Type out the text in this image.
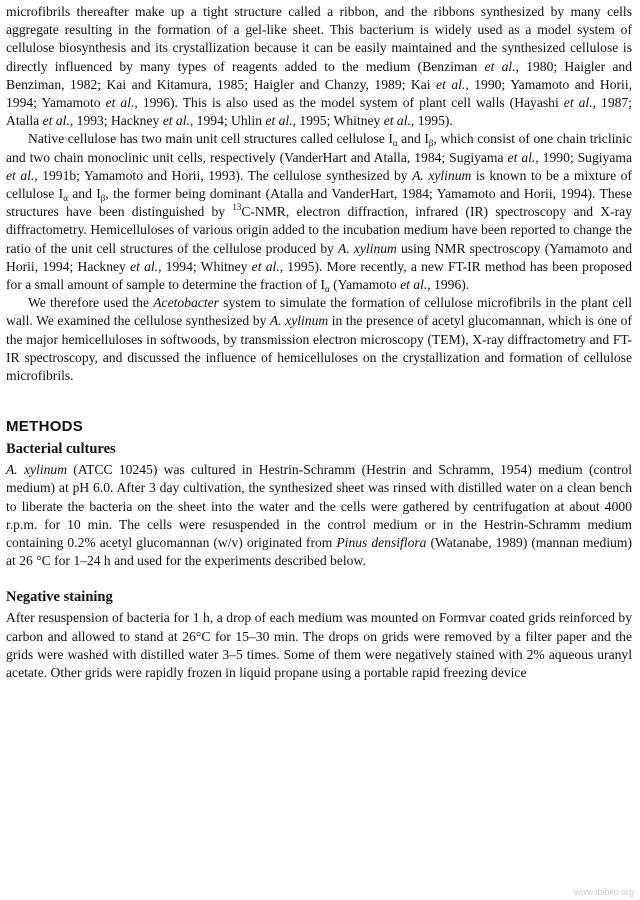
microfibrils thereafter make up a tight structure called a ribbon, and the ribbons synthesized by many cells aggregate resulting in the formation of a gel-like sheet. This bacterium is widely used as a model system of cellulose biosynthesis and its crystallization because it can be easily maintained and the synthesized cellulose is directly influenced by many types of reagents added to the medium (Benziman et al., 1980; Haigler and Benziman, 1982; Kai and Kitamura, 1985; Haigler and Chanzy, 1989; Kai et al., 1990; Yamamoto and Horii, 1994; Yamamoto et al., 1996). This is also used as the model system of plant cell walls (Hayashi et al., 1987; Atalla et al., 1993; Hackney et al., 1994; Uhlin et al., 1995; Whitney et al., 1995).

Native cellulose has two main unit cell structures called cellulose $I_\alpha$ and $I_\beta$, which consist of one chain triclinic and two chain monoclinic unit cells, respectively (VanderHart and Atalla, 1984; Sugiyama et al., 1990; Sugiyama et al., 1991b; Yamamoto and Horii, 1993). The cellulose synthesized by A. xylinum is known to be a mixture of cellulose $I_\alpha$ and $I_\beta$, the former being dominant (Atalla and VanderHart, 1984; Yamamoto and Horii, 1994). These structures have been distinguished by $^{13}$C-NMR, electron diffraction, infrared (IR) spectroscopy and X-ray diffractometry. Hemicelluloses of various origin added to the incubation medium have been reported to change the ratio of the unit cell structures of the cellulose produced by A. xylinum using NMR spectroscopy (Yamamoto and Horii, 1994; Hackney et al., 1994; Whitney et al., 1995). More recently, a new FT-IR method has been proposed for a small amount of sample to determine the fraction of $I_\alpha$ (Yamamoto et al., 1996).

We therefore used the Acetobacter system to simulate the formation of cellulose microfibrils in the plant cell wall. We examined the cellulose synthesized by A. xylinum in the presence of acetyl glucomannan, which is one of the major hemicelluloses in softwoods, by transmission electron microscopy (TEM), X-ray diffractometry and FT-IR spectroscopy, and discussed the influence of hemicelluloses on the crystallization and formation of cellulose microfibrils.

METHODS
Bacterial cultures

A. xylinum (ATCC 10245) was cultured in Hestrin-Schramm (Hestrin and Schramm, 1954) medium (control medium) at pH 6.0. After 3 day cultivation, the synthesized sheet was rinsed with distilled water on a clean bench to liberate the bacteria on the sheet into the water and the cells were gathered by centrifugation at about 4000 r.p.m. for 10 min. The cells were resuspended in the control medium or in the Hestrin-Schramm medium containing 0.2% acetyl glucomannan (w/v) originated from Pinus densiflora (Watanabe, 1989) (mannan medium) at 26 °C for 1–24 h and used for the experiments described below.

Negative staining

After resuspension of bacteria for 1 h, a drop of each medium was mounted on Formvar coated grids reinforced by carbon and allowed to stand at 26°C for 15–30 min. The drops on grids were removed by a filter paper and the grids were washed with distilled water 3–5 times. Some of them were negatively stained with 2% aqueous uranyl acetate. Other grids were rapidly frozen in liquid propane using a portable rapid freezing device

www.ibiblio.org
